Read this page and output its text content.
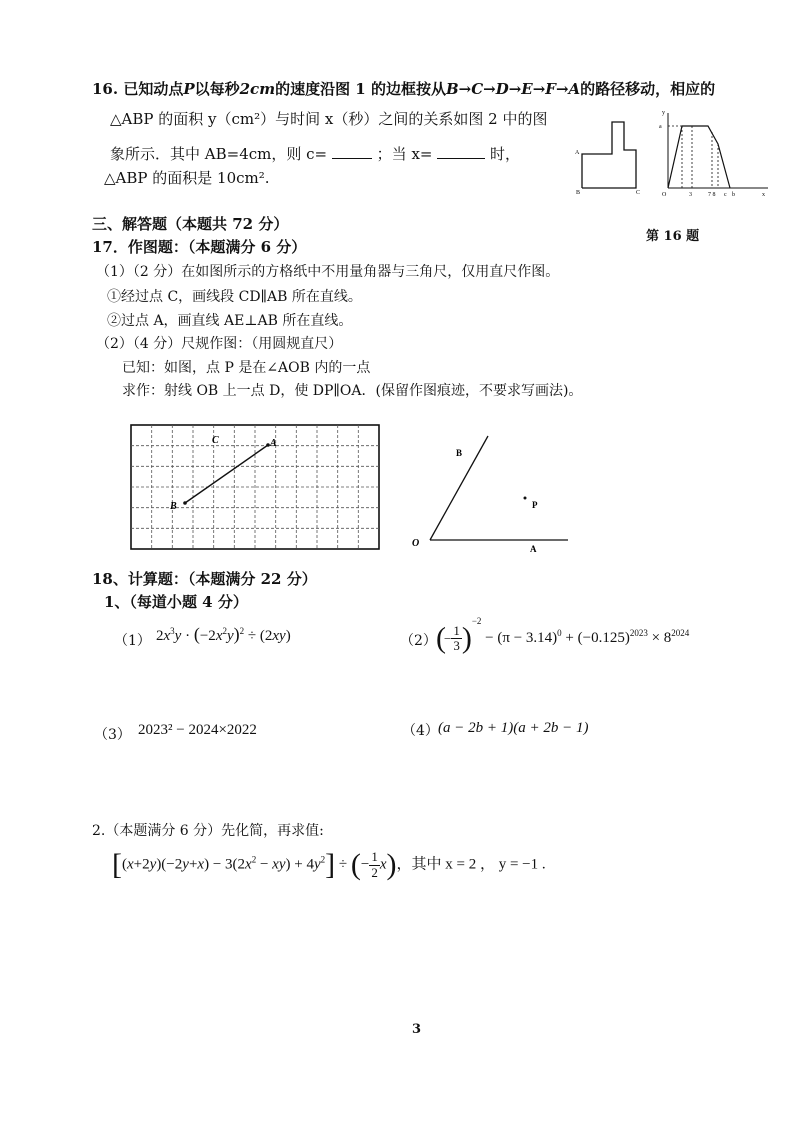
16. 已知动点P以每秒2cm的速度沿图 1 的边框按从B→C→D→E→F→A的路径移动，相应的
△ABP 的面积 y（cm²）与时间 x（秒）之间的关系如图 2 中的图
象所示．其中 AB=4cm，则 c=	；当 x=	时，
△ABP 的面积是 10cm².
A
B	C
y
a
O	3	7 8 c b	x
第 16 题
三、解答题（本题共 72 分）
17．作图题：（本题满分 6 分）
（1）（2 分）在如图所示的方格纸中不用量角器与三角尺，仅用直尺作图。
①经过点 C，画线段 CD∥AB 所在直线。
②过点 A，画直线 AE⊥AB 所在直线。
（2）（4 分）尺规作图：（用圆规直尺）
已知：如图，点 P 是在∠AOB 内的一点
求作：射线 OB 上一点 D，使 DP∥OA．(保留作图痕迹，不要求写画法)。
B
A
C
B
P
O	A
18、计算题：（本题满分 22 分）
1、（每道小题 4 分）
（1） $2x^3y \cdot (-2x^2y)^2 \div (2xy)$	（2） (− $\frac{1}{3} )^{-2} - (\pi - 3.14)^0 + (-0.125)^{2023} \times 8^{2024}$
（3） 2023² − 2024×2022	（4） (a − 2b + 1)(a + 2b − 1)
2.（本题满分 6 分）先化简，再求值:
$[(x+2y)(-2y+x) - 3(2x^2 - xy) + 4y^2]$ ÷ (− $\frac{1}{2} x$)，其中 x = 2 ， y = −1 .
3
